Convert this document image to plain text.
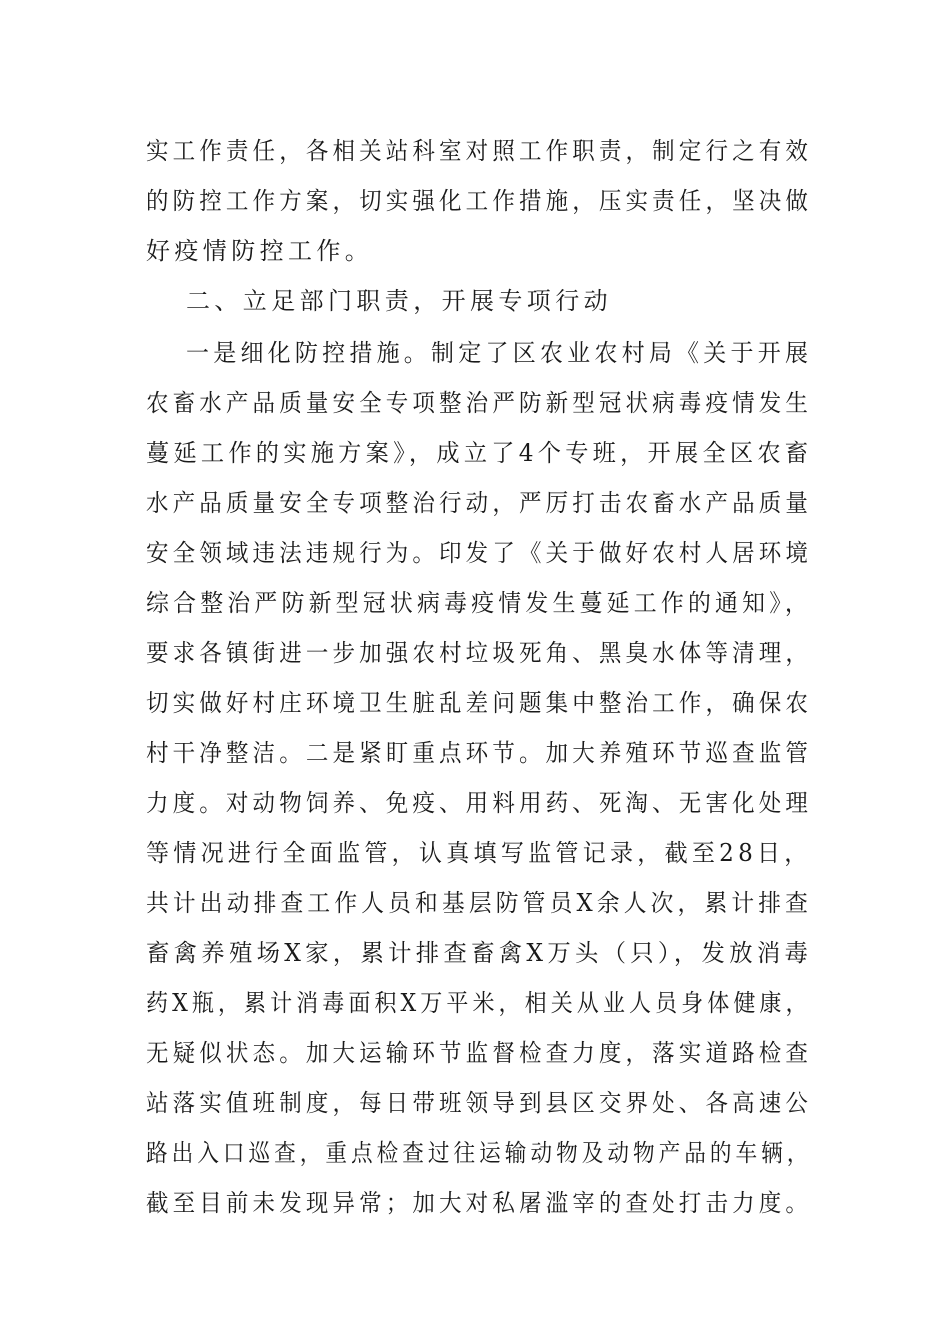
实工作责任，各相关站科室对照工作职责，制定行之有效
的防控工作方案，切实强化工作措施，压实责任，坚决做
好疫情防控工作。
二、立足部门职责，开展专项行动
一是细化防控措施。制定了区农业农村局《关于开展
农畜水产品质量安全专项整治严防新型冠状病毒疫情发生
蔓延工作的实施方案》，成立了4个专班，开展全区农畜
水产品质量安全专项整治行动，严厉打击农畜水产品质量
安全领域违法违规行为。印发了《关于做好农村人居环境
综合整治严防新型冠状病毒疫情发生蔓延工作的通知》，
要求各镇街进一步加强农村垃圾死角、黑臭水体等清理，
切实做好村庄环境卫生脏乱差问题集中整治工作，确保农
村干净整洁。二是紧盯重点环节。加大养殖环节巡查监管
力度。对动物饲养、免疫、用料用药、死淘、无害化处理
等情况进行全面监管，认真填写监管记录，截至28日，
共计出动排查工作人员和基层防管员X余人次，累计排查
畜禽养殖场X家，累计排查畜禽X万头（只），发放消毒
药X瓶，累计消毒面积X万平米，相关从业人员身体健康，
无疑似状态。加大运输环节监督检查力度，落实道路检查
站落实值班制度，每日带班领导到县区交界处、各高速公
路出入口巡查，重点检查过往运输动物及动物产品的车辆，
截至目前未发现异常；加大对私屠滥宰的查处打击力度。
